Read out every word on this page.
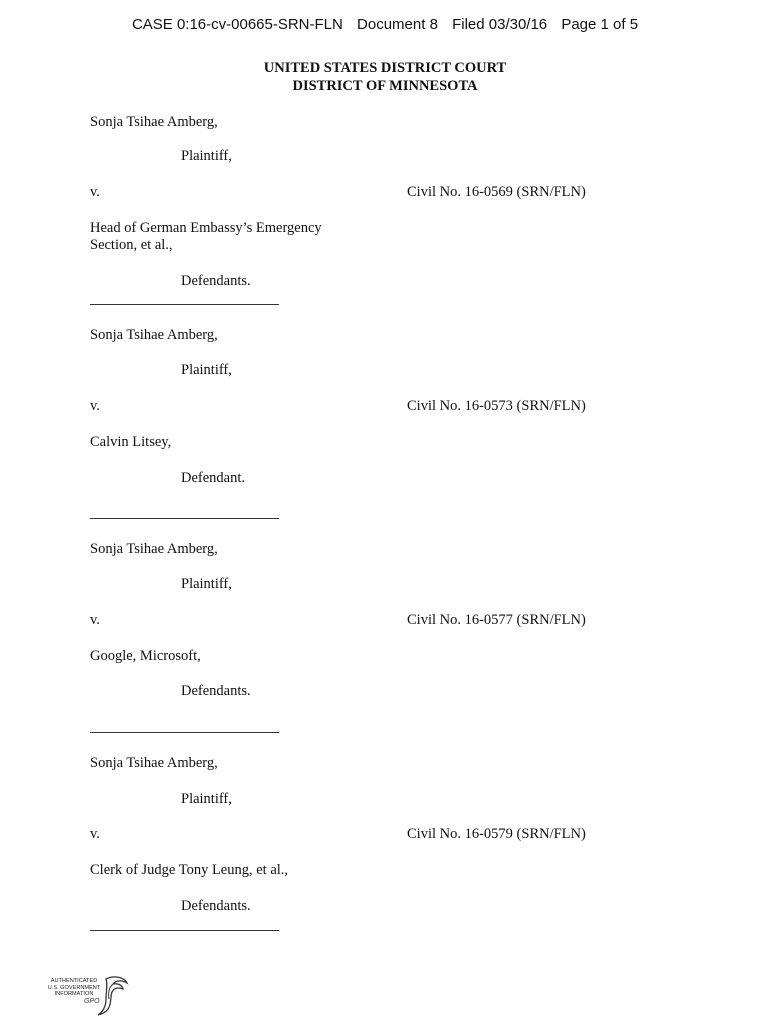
CASE 0:16-cv-00665-SRN-FLN Document 8 Filed 03/30/16 Page 1 of 5
UNITED STATES DISTRICT COURT
DISTRICT OF MINNESOTA
Sonja Tsihae Amberg,
Plaintiff,
v.	Civil No. 16-0569 (SRN/FLN)
Head of German Embassy’s Emergency
Section, et al.,
Defendants.
Sonja Tsihae Amberg,
Plaintiff,
v.	Civil No. 16-0573 (SRN/FLN)
Calvin Litsey,
Defendant.
Sonja Tsihae Amberg,
Plaintiff,
v.	Civil No. 16-0577 (SRN/FLN)
Google, Microsoft,
Defendants.
Sonja Tsihae Amberg,
Plaintiff,
v.	Civil No. 16-0579 (SRN/FLN)
Clerk of Judge Tony Leung, et al.,
Defendants.
AUTHENTICATED
U.S. GOVERNMENT
INFORMATION
GPO
